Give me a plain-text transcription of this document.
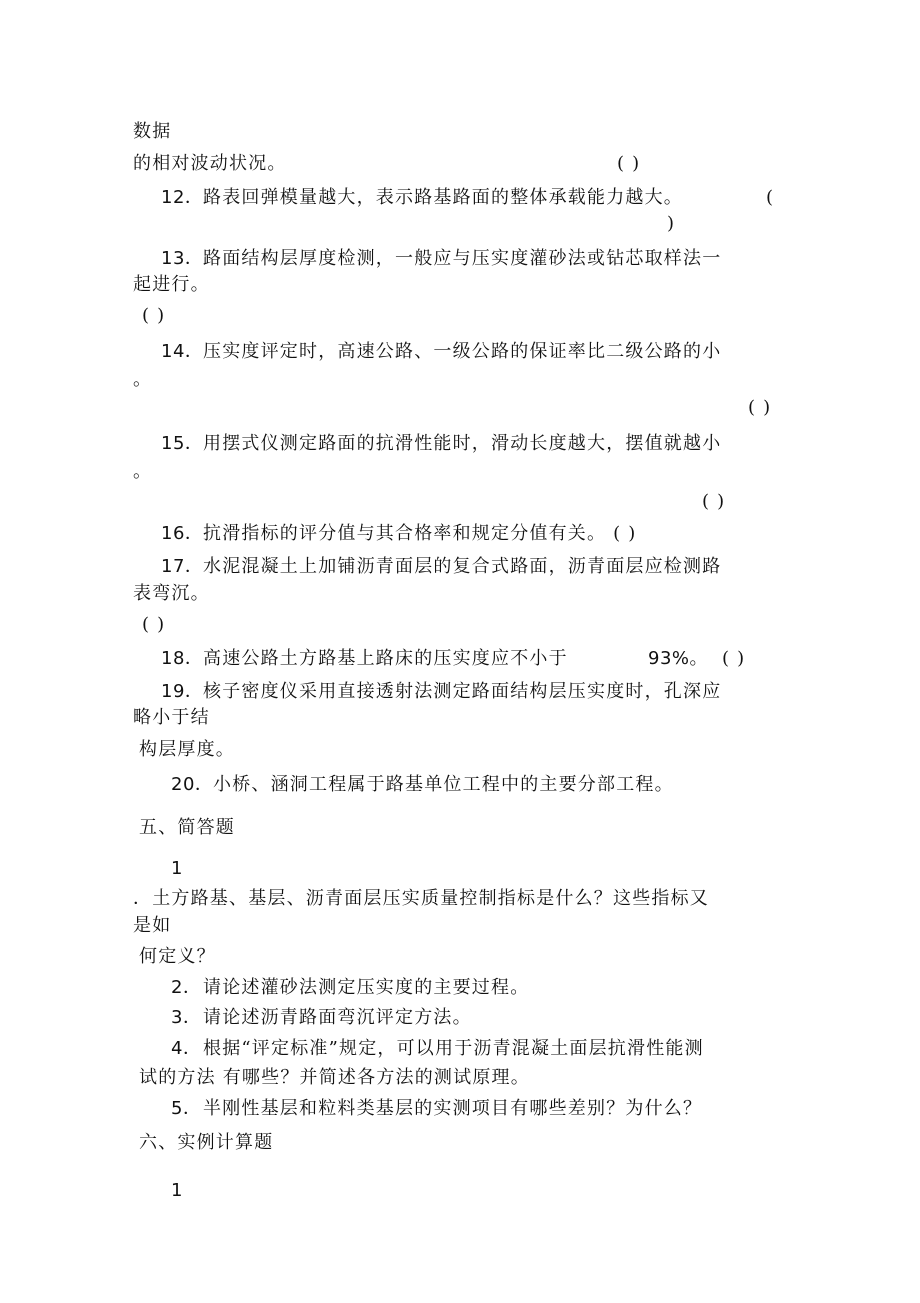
数据
的相对波动状况。	( )
12． 路表回弹模量越大，表示路基路面的整体承载能力越大。	(
)
13． 路面结构层厚度检测，一般应与压实度灌砂法或钻芯取样法一
起进行。
( )
14． 压实度评定时，高速公路、一级公路的保证率比二级公路的小
。
( )
15． 用摆式仪测定路面的抗滑性能时，滑动长度越大，摆值就越小
。
( )
16． 抗滑指标的评分值与其合格率和规定分值有关。 ( )
17． 水泥混凝土上加铺沥青面层的复合式路面，沥青面层应检测路
表弯沉。
( )
18． 高速公路土方路基上路床的压实度应不小于	93%。 ( )
19． 核子密度仪采用直接透射法测定路面结构层压实度时，孔深应
略小于结
构层厚度。
20． 小桥、涵洞工程属于路基单位工程中的主要分部工程。
五、简答题
1
．土方路基、基层、沥青面层压实质量控制指标是什么？这些指标又
是如
何定义？
2． 请论述灌砂法测定压实度的主要过程。
3． 请论述沥青路面弯沉评定方法。
4． 根据“评定标准”规定，可以用于沥青混凝土面层抗滑性能测
试的方法 有哪些？并简述各方法的测试原理。
5． 半刚性基层和粒料类基层的实测项目有哪些差别？为什么？
六、实例计算题
1
